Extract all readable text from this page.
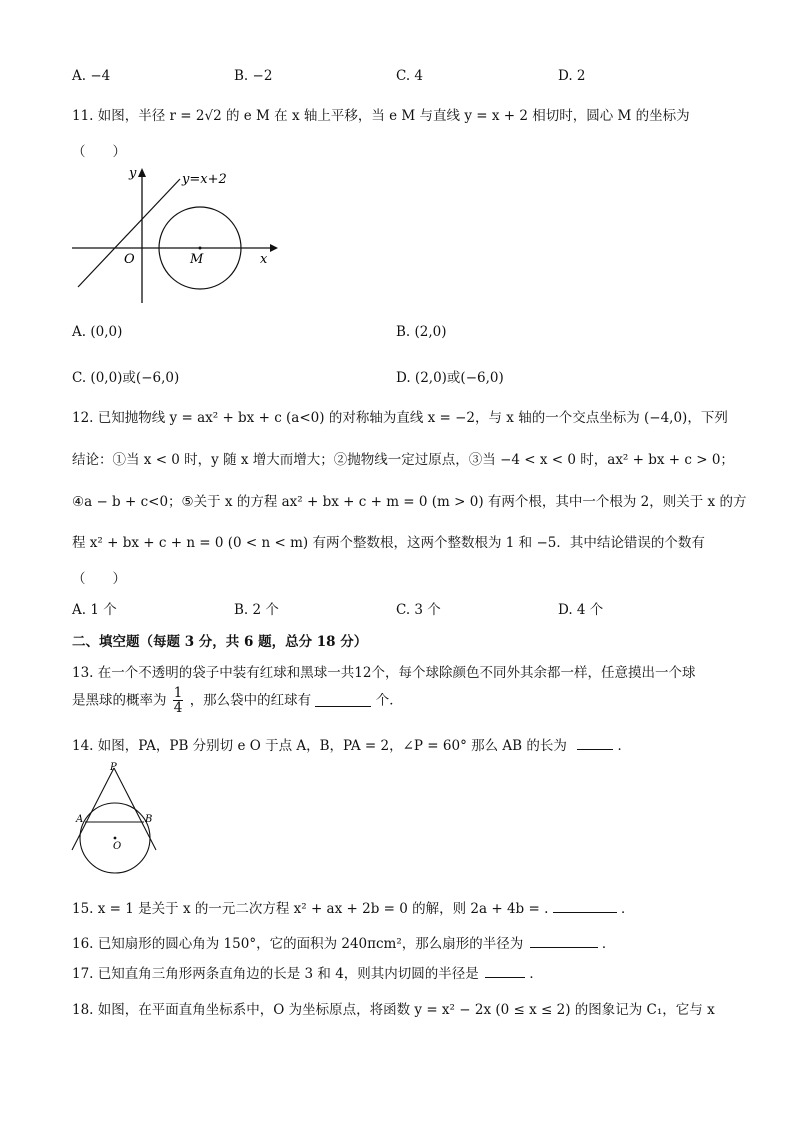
A. −4	B. −2	C. 4	D. 2
11. 如图，半径 r = 2√2 的 e M 在 x 轴上平移，当 e M 与直线 y = x + 2 相切时，圆心 M 的坐标为
（　　）
y=x+2
y
x
O	M
A. (0,0)	B. (2,0)
C. (0,0)或(−6,0)	D. (2,0)或(−6,0)
12. 已知抛物线 y = ax² + bx + c (a<0) 的对称轴为直线 x = −2，与 x 轴的一个交点坐标为 (−4,0)，下列
结论：①当 x < 0 时，y 随 x 增大而增大；②抛物线一定过原点，③当 −4 < x < 0 时，ax² + bx + c > 0；
④a − b + c<0；⑤关于 x 的方程 ax² + bx + c + m = 0 (m > 0) 有两个根，其中一个根为 2，则关于 x 的方
程 x² + bx + c + n = 0 (0 < n < m) 有两个整数根，这两个整数根为 1 和 −5．其中结论错误的个数有
（　　）
A. 1 个	B. 2 个	C. 3 个	D. 4 个
二、填空题（每题 3 分，共 6 题，总分 18 分）
13. 在一个不透明的袋子中装有红球和黑球一共12个，每个球除颜色不同外其余都一样，任意摸出一个球
是黑球的概率为 $\frac{1}{4}$ ，那么袋中的红球有	个．
14. 如图，PA，PB 分别切 e O 于点 A，B，PA = 2，∠P = 60° 那么 AB 的长为	．
P
A	B
O
15. x = 1 是关于 x 的一元二次方程 x² + ax + 2b = 0 的解，则 2a + 4b = .	．
16. 已知扇形的圆心角为 150°，它的面积为 240πcm²，那么扇形的半径为	．
17. 已知直角三角形两条直角边的长是 3 和 4，则其内切圆的半径是	．
18. 如图，在平面直角坐标系中，O 为坐标原点，将函数 y = x² − 2x (0 ≤ x ≤ 2) 的图象记为 C₁，它与 x
